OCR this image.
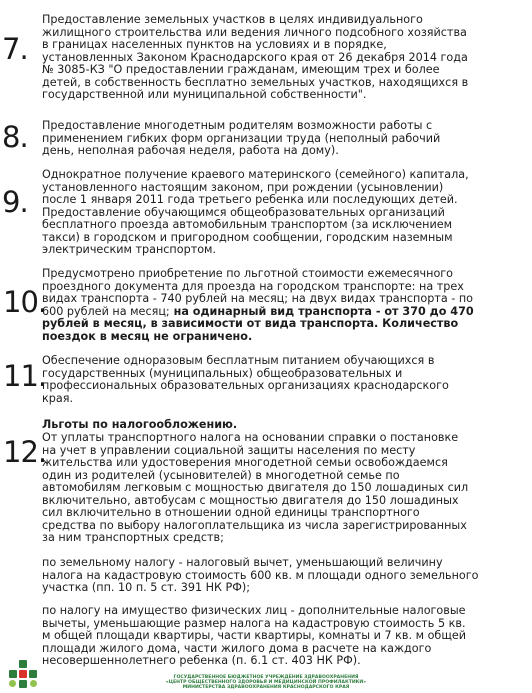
7.
Предоставление земельных участков в целях индивидуального
жилищного строительства или ведения личного подсобного хозяйства
в границах населенных пунктов на условиях и в порядке,
установленных Законом Краснодарского края от 26 декабря 2014 года
№ 3085-КЗ "О предоставлении гражданам, имеющим трех и более
детей, в собственность бесплатно земельных участков, находящихся в
государственной или муниципальной собственности".
8. Предоставление многодетным родителям возможности работы с
применением гибких форм организации труда (неполный рабочий
день, неполная рабочая неделя, работа на дому).
9.
Однократное получение краевого материнского (семейного) капитала,
установленного настоящим законом, при рождении (усыновлении)
после 1 января 2011 года третьего ребенка или последующих детей.
Предоставление обучающимся общеобразовательных организаций
бесплатного проезда автомобильным транспортом (за исключением
такси) в городском и пригородном сообщении, городским наземным
электрическим транспортом.
10.
Предусмотрено приобретение по льготной стоимости ежемесячного
проездного документа для проезда на городском транспорте: на трех
видах транспорта - 740 рублей на месяц; на двух видах транспорта - по
600 рублей на месяц; на одинарный вид транспорта - от 370 до 470
рублей в месяц, в зависимости от вида транспорта. Количество
поездок в месяц не ограничено.
11.
Обеспечение одноразовым бесплатным питанием обучающихся в
государственных (муниципальных) общеобразовательных и
профессиональных образовательных организациях краснодарского
края.
12.
Льготы по налогообложению.
От уплаты транспортного налога на основании справки о постановке
на учет в управлении социальной защиты населения по месту
жительства или удостоверения многодетной семьи освобождаемся
один из родителей (усыновителей) в многодетной семье по
автомобилям легковым с мощностью двигателя до 150 лошадиных сил
включительно, автобусам с мощностью двигателя до 150 лошадиных
сил включительно в отношении одной единицы транспортного
средства по выбору налогоплательщика из числа зарегистрированных
за ним транспортных средств;
по земельному налогу - налоговый вычет, уменьшающий величину
налога на кадастровую стоимость 600 кв. м площади одного земельного
участка (пп. 10 п. 5 ст. 391 НК РФ);
по налогу на имущество физических лиц - дополнительные налоговые
вычеты, уменьшающие размер налога на кадастровую стоимость 5 кв.
м общей площади квартиры, части квартиры, комнаты и 7 кв. м общей
площади жилого дома, части жилого дома в расчете на каждого
несовершеннолетнего ребенка (п. 6.1 ст. 403 НК РФ).
ГОСУДАРСТВЕННОЕ БЮДЖЕТНОЕ УЧРЕЖДЕНИЕ ЗДРАВООХРАНЕНИЯ
«ЦЕНТР ОБЩЕСТВЕННОГО ЗДОРОВЬЯ И МЕДИЦИНСКОЙ ПРОФИЛАКТИКИ»
МИНИСТЕРСТВА ЗДРАВООХРАНЕНИЯ КРАСНОДАРСКОГО КРАЯ
